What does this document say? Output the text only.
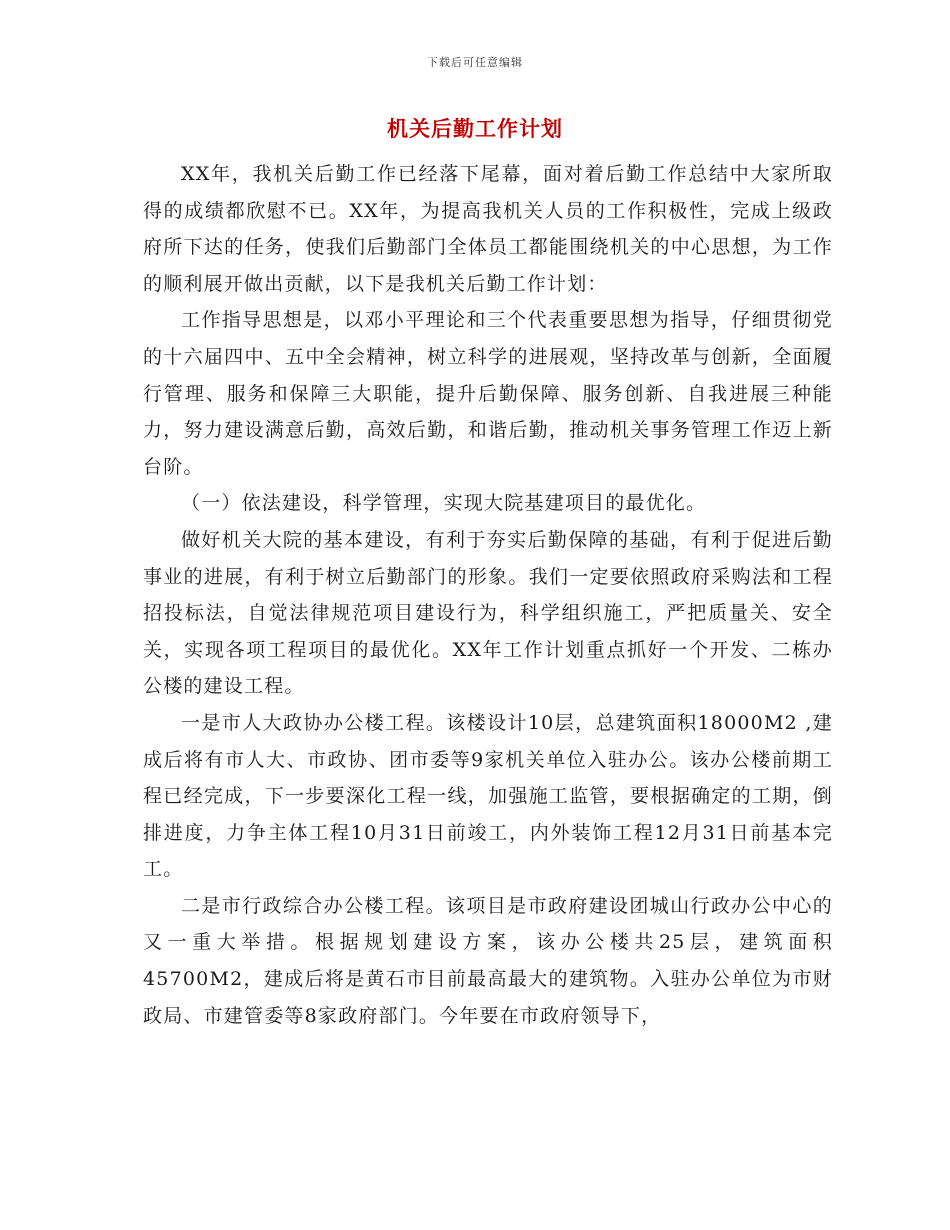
下载后可任意编辑
机关后勤工作计划

XX年，我机关后勤工作已经落下尾幕，面对着后勤工作总结中大家所取得的成绩都欣慰不已。XX年，为提高我机关人员的工作积极性，完成上级政府所下达的任务，使我们后勤部门全体员工都能围绕机关的中心思想，为工作的顺利展开做出贡献，以下是我机关后勤工作计划：

工作指导思想是，以邓小平理论和三个代表重要思想为指导，仔细贯彻党的十六届四中、五中全会精神，树立科学的进展观，坚持改革与创新，全面履行管理、服务和保障三大职能，提升后勤保障、服务创新、自我进展三种能力，努力建设满意后勤，高效后勤，和谐后勤，推动机关事务管理工作迈上新台阶。

（一）依法建设，科学管理，实现大院基建项目的最优化。

做好机关大院的基本建设，有利于夯实后勤保障的基础，有利于促进后勤事业的进展，有利于树立后勤部门的形象。我们一定要依照政府采购法和工程招投标法，自觉法律规范项目建设行为，科学组织施工，严把质量关、安全关，实现各项工程项目的最优化。XX年工作计划重点抓好一个开发、二栋办公楼的建设工程。

一是市人大政协办公楼工程。该楼设计10层，总建筑面积18000M2 ,建成后将有市人大、市政协、团市委等9家机关单位入驻办公。该办公楼前期工程已经完成，下一步要深化工程一线，加强施工监管，要根据确定的工期，倒排进度，力争主体工程10月31日前竣工，内外装饰工程12月31日前基本完工。

二是市行政综合办公楼工程。该项目是市政府建设团城山行政办公中心的又一重大举措。根据规划建设方案，该办公楼共25层，建筑面积45700M2，建成后将是黄石市目前最高最大的建筑物。入驻办公单位为市财政局、市建管委等8家政府部门。今年要在市政府领导下，
